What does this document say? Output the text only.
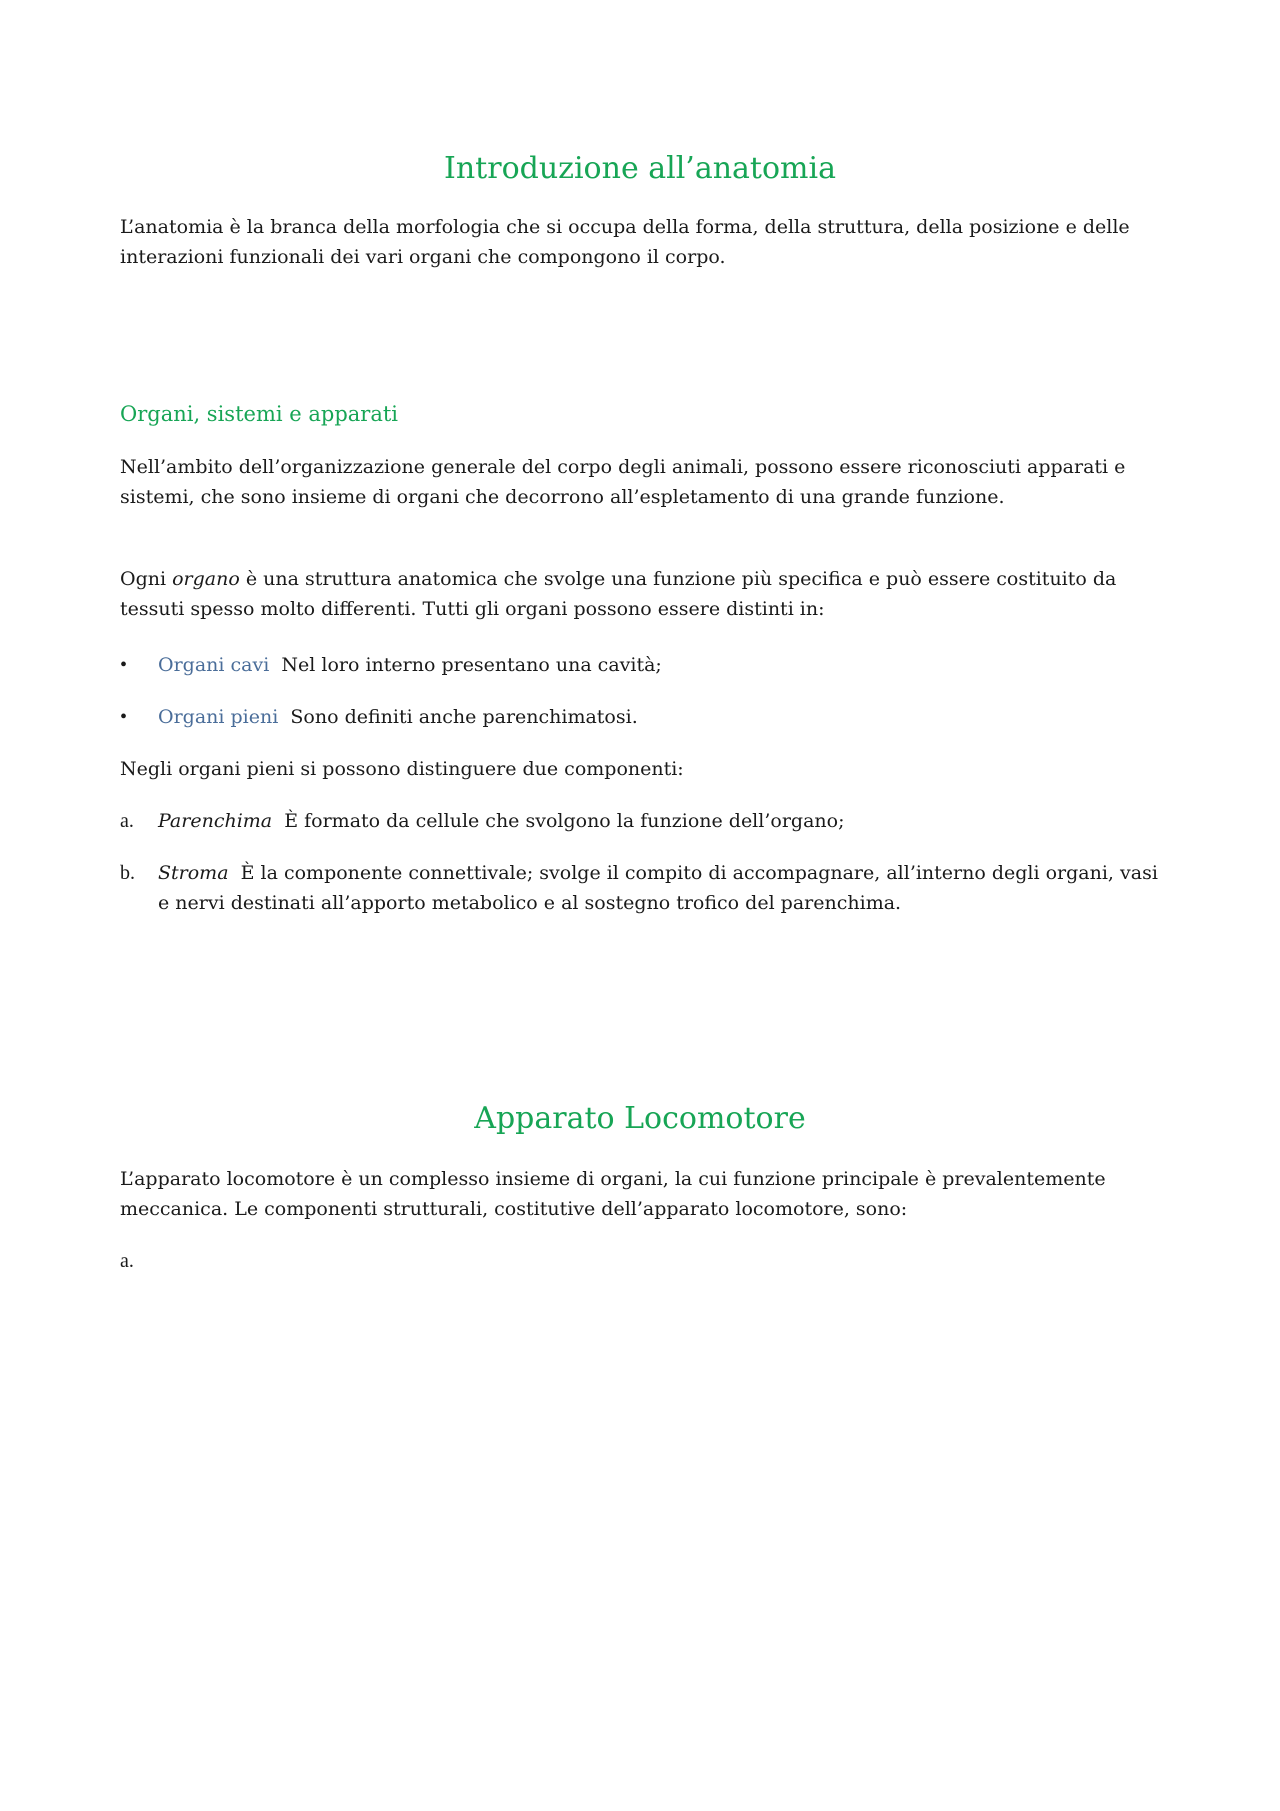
Introduzione all’anatomia

L’anatomia è la branca della morfologia che si occupa della forma, della struttura, della posizione e delle interazioni funzionali dei vari organi che compongono il corpo.

Organi, sistemi e apparati

Nell’ambito dell’organizzazione generale del corpo degli animali, possono essere riconosciuti apparati e sistemi, che sono insieme di organi che decorrono all’espletamento di una grande funzione.

Ogni organo è una struttura anatomica che svolge una funzione più specifica e può essere costituito da tessuti spesso molto differenti. Tutti gli organi possono essere distinti in:

•	Organi cavi Nel loro interno presentano una cavità;
•	Organi pieni Sono definiti anche parenchimatosi.

Negli organi pieni si possono distinguere due componenti:

a.	Parenchima È formato da cellule che svolgono la funzione dell’organo;
b.	Stroma È la componente connettivale; svolge il compito di accompagnare, all’interno degli organi, vasi e nervi destinati all’apporto metabolico e al sostegno trofico del parenchima.
Apparato Locomotore

L’apparato locomotore è un complesso insieme di organi, la cui funzione principale è prevalentemente meccanica. Le componenti strutturali, costitutive dell’apparato locomotore, sono:

a.
